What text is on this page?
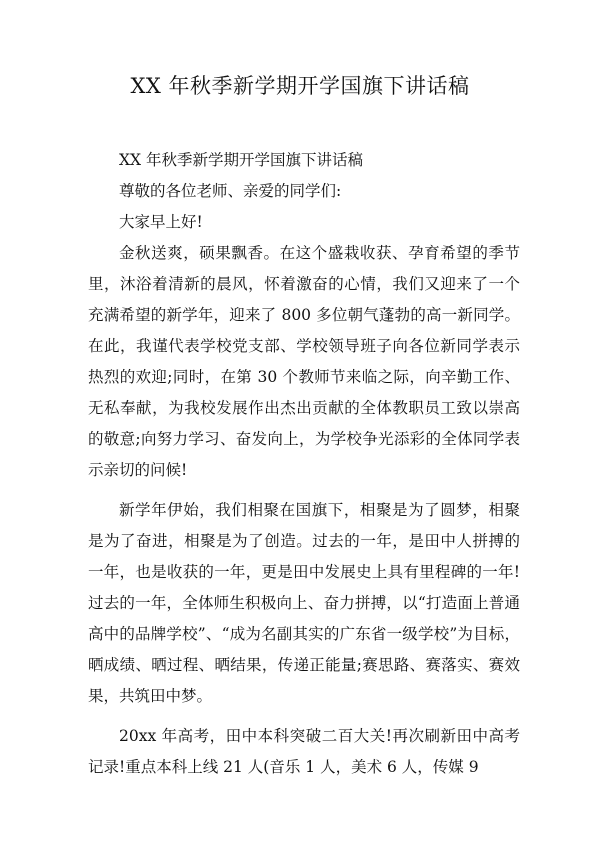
XX 年秋季新学期开学国旗下讲话稿

XX 年秋季新学期开学国旗下讲话稿

尊敬的各位老师、亲爱的同学们:

大家早上好!

金秋送爽，硕果飘香。在这个盛栽收获、孕育希望的季节里，沐浴着清新的晨风，怀着激奋的心情，我们又迎来了一个充满希望的新学年，迎来了 800 多位朝气蓬勃的高一新同学。在此，我谨代表学校党支部、学校领导班子向各位新同学表示热烈的欢迎;同时，在第 30 个教师节来临之际，向辛勤工作、无私奉献，为我校发展作出杰出贡献的全体教职员工致以崇高的敬意;向努力学习、奋发向上，为学校争光添彩的全体同学表示亲切的问候!

新学年伊始，我们相聚在国旗下，相聚是为了圆梦，相聚是为了奋进，相聚是为了创造。过去的一年，是田中人拼搏的一年，也是收获的一年，更是田中发展史上具有里程碑的一年!过去的一年，全体师生积极向上、奋力拼搏，以“打造面上普通高中的品牌学校”、“成为名副其实的广东省一级学校”为目标，晒成绩、晒过程、晒结果，传递正能量;赛思路、赛落实、赛效果，共筑田中梦。

20xx 年高考，田中本科突破二百大关!再次刷新田中高考记录!重点本科上线 21 人(音乐 1 人，美术 6 人，传媒 9
